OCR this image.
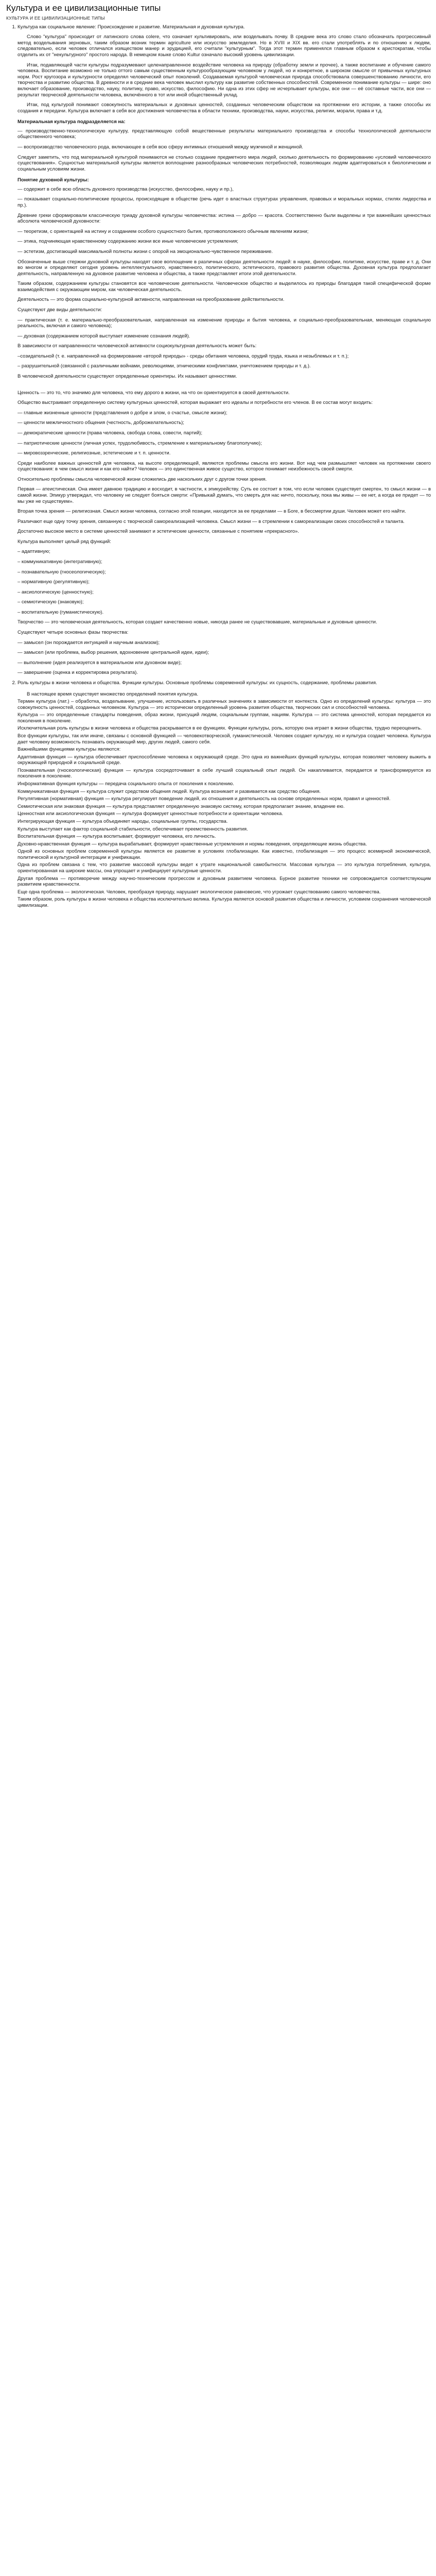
Культура и ее цивилизационные типы
КУЛЬТУРА И ЕЕ ЦИВИЛИЗАЦИОННЫЕ ТИПЫ
1. Культура как социальное явление: Происхождение и развитие. Материальная и духовная культура.

Слово "культура" происходит от латинского слова colere, что означает культивировать, или возделывать почву. В средние века это слово стало обозначать прогрессивный метод возделывания зерновых, таким образом возник термин agriculture или искусство земледелия. Но в XVIII и XIX вв. его стали употреблять и по отношению к людям, следовательно, если человек отличался изяществом манер и эрудицией, его считали "культурным". Тогда этот термин применялся главным образом к аристократам, чтобы отделить их от "некультурного" простого народа. В немецком языке слово Kultur означало высокий уровень цивилизации.

Итак, подавляющей части культуры подразумевают целенаправленное воздействие человека на природу (обработку земли и прочее), а также воспитание и обучение самого человека. Воспитание возможно не только оттого самым существенным культурообразующим человеком у людей, но и конкретное, в широком смысле от привычных культурных норм. Рост кругозора и культурности определял человеческий опыт поколений. Создаваемая культурой человеческая природа способствовала совершенствованию личности, его творчества и развитию общества. В древности и в средние века человек мыслил культуру как развитие собственных способностей. Современное понимание культуры — шире: оно включает образование, производство, науку, политику, право, искусство, философию. Ни одна из этих сфер не исчерпывает культуры, все они — её составные части, все они — результат творческой деятельности человека, включённого в тот или иной общественный уклад.

Итак, под культурой понимают совокупность материальных и духовных ценностей, созданных человеческим обществом на протяжении его истории, а также способы их создания и передачи. Культура включает в себя все достижения человечества в области техники, производства, науки, искусства, религии, морали, права и т.д.

Материальная культура подразделяется на:

— производственно-технологическую культуру, представляющую собой вещественные результаты материального производства и способы технологической деятельности общественного человека;

— воспроизводство человеческого рода, включающее в себя всю сферу интимных отношений между мужчиной и женщиной.

Следует заметить, что под материальной культурой понимаются не столько создание предметного мира людей, сколько деятельность по формированию «условий человеческого существования». Сущностью материальной культуры является воплощение разнообразных человеческих потребностей, позволяющих людям адаптироваться к биологическим и социальным условиям жизни.

Понятие духовной культуры:

— содержит в себе всю область духовного производства (искусство, философию, науку и пр.),

— показывает социально-политические процессы, происходящие в обществе (речь идет о властных структурах управления, правовых и моральных нормах, стилях лидерства и пр.).

Древние греки сформировали классическую триаду духовной культуры человечества: истина — добро — красота. Соответственно были выделены и три важнейших ценностных абсолюта человеческой духовности:

— теоретизм, с ориентацией на истину и созданием особого сущностного бытия, противоположного обычным явлениям жизни;

— этика, подчиняющая нравственному содержанию жизни все иные человеческие устремления;

— эстетизм, достигающий максимальной полноты жизни с опорой на эмоционально-чувственное переживание.

Обозначенные выше стержни духовной культуры находят свое воплощение в различных сферах деятельности людей: в науке, философии, политике, искусстве, праве и т. д. Они во многом и определяют сегодня уровень интеллектуального, нравственного, политического, эстетического, правового развития общества. Духовная культура предполагает деятельность, направленную на духовное развитие человека и общества, а также представляет итоги этой деятельности.

Таким образом, содержанием культуры становятся все человеческие деятельности. Человеческое общество и выделилось из природы благодаря такой специфической форме взаимодействия с окружающим миром, как человеческая деятельность.

Деятельность — это форма социально-культурной активности, направленная на преобразование действительности.

Существуют две виды деятельности:

— практическая (т. е. материально-преобразовательная, направленная на изменение природы и бытия человека, и социально-преобразовательная, меняющая социальную реальность, включая и самого человека);

— духовная (содержанием которой выступает изменение сознания людей).

В зависимости от направленности человеческой активности социокультурная деятельность может быть:

–созидательной (т. е. направленной на формирование «второй природы» - среды обитания человека, орудий труда, языка и незыблемых и т. п.);

– разрушительной (связанной с различными войнами, революциями, этническими конфликтами, уничтожением природы и т. д.).

В человеческой деятельности существуют определенные ориентиры. Их называют ценностями.

Ценность — это то, что значимо для человека, что ему дорого в жизни, на что он ориентируется в своей деятельности.

Общество выстраивает определенную систему культурных ценностей, которая выражает его идеалы и потребности его членов. В ее состав могут входить:

— главные жизненные ценности (представления о добре и злом, о счастье, смысле жизни);

— ценности межличностного общения (честность, доброжелательность);

— демократические ценности (права человека, свобода слова, совести, партий);

— патриотические ценности (личная успех, трудолюбивость, стремление к материальному благополучию);

— мировоззренческие, религиозные, эстетические и т. п. ценности.

Среди наиболее важных ценностей для человека, на высоте определяющей, являются проблемы смысла его жизни. Вот над чем размышляет человек на протяжении своего существования: в чем смысл жизни и как его найти? Человек — это единственная живое существо, которое понимает неизбежность своей смерти.

Относительно проблемы смысла человеческой жизни сложились две наскольких друг с другом точки зрения.

Первая — атеистическая. Она имеет давнюю традицию и восходит, в частности, к эпикурейству. Суть ее состоит в том, что если человек существует смертен, то смысл жизни — в самой жизни. Эпикур утверждал, что человеку не следует бояться смерти: «Привыкай думать, что смерть для нас ничто, поскольку, пока мы живы — ее нет, а когда ее придет — то мы уже не существуем».

Вторая точка зрения — религиозная. Смысл жизни человека, согласно этой позиции, находится за ее пределами — в Боге, в бессмертии души. Человек может его найти.

Различают еще одну точку зрения, связанную с творческой самореализацией человека. Смысл жизни — в стремлении к самореализации своих способностей и таланта.

Достаточно высокое место в системе ценностей занимают и эстетические ценности, связанные с понятием «прекрасного».

Культура выполняет целый ряд функций:

– адаптивную;

– коммуникативную (интегративную);

– познавательную (гносеологическую);

– нормативную (регулятивную);

– аксиологическую (ценностную);

– семиотическую (знаковую);

– воспитательную (гуманистическую).

Творчество — это человеческая деятельность, которая создает качественно новые, никогда ранее не существовавшие, материальные и духовные ценности.

Существуют четыре основных фазы творчества:

— замысел (он порождается интуицией и научным анализом);

— замысел (или проблема, выбор решения, вдохновение центральной идеи, идеи);

— выполнение (идея реализуется в материальном или духовном виде);

— завершение (оценка и корректировка результата).

2. Роль культуры в жизни человека и общества. Функции культуры. Основные проблемы современной культуры: их сущность, содержание, проблемы развития.

В настоящее время существует множество определений понятия культура.

Термин культура (лат.) – обработка, возделывание, улучшение, использовать в различных значениях в зависимости от контекста. Одно из определений культуры: культура — это совокупность ценностей, созданных человеком. Культура — это исторически определенный уровень развития общества, творческих сил и способностей человека.

Культура — это определенные стандарты поведения, образ жизни, присущий людям, социальным группам, нациям. Культура — это система ценностей, которая передается из поколения в поколение.

Исключительная роль культуры в жизни человека и общества раскрывается в ее функциях. Функции культуры, роль, которую она играет в жизни общества, трудно переоценить.

Все функции культуры, так или иначе, связаны с основной функцией — человекотворческой, гуманистической. Человек создает культуру, но и культура создает человека. Культура дает человеку возможность познавать окружающий мир, других людей, самого себя.

Важнейшими функциями культуры являются:

Адаптивная функция — культура обеспечивает приспособление человека к окружающей среде. Это одна из важнейших функций культуры, которая позволяет человеку выжить в окружающей природной и социальной среде.

Познавательная (гносеологическая) функция — культура сосредоточивает в себе лучший социальный опыт людей. Он накапливается, передается и трансформируется из поколения в поколение.

Информативная функция культуры — передача социального опыта от поколения к поколению.

Коммуникативная функция — культура служит средством общения людей. Культура возникает и развивается как средство общения.

Регулятивная (нормативная) функция — культура регулирует поведение людей, их отношения и деятельность на основе определенных норм, правил и ценностей.

Семиотическая или знаковая функция — культура представляет определенную знаковую систему, которая предполагает знание, владение ею.

Ценностная или аксиологическая функция — культура формирует ценностные потребности и ориентации человека.

Интегрирующая функция — культура объединяет народы, социальные группы, государства.

Культура выступает как фактор социальной стабильности, обеспечивает преемственность развития.

Воспитательная функция — культура воспитывает, формирует человека, его личность.

Духовно-нравственная функция — культура вырабатывает, формирует нравственные устремления и нормы поведения, определяющие жизнь общества.

Одной из основных проблем современной культуры является ее развитие в условиях глобализации. Как известно, глобализация — это процесс всемирной экономической, политической и культурной интеграции и унификации.

Одна из проблем связана с тем, что развитие массовой культуры ведет к утрате национальной самобытности. Массовая культура — это культура потребления, культура, ориентированная на широкие массы, она упрощает и унифицирует культурные ценности.

Другая проблема — противоречие между научно-техническим прогрессом и духовным развитием человека. Бурное развитие техники не сопровождается соответствующим развитием нравственности.

Еще одна проблема — экологическая. Человек, преобразуя природу, нарушает экологическое равновесие, что угрожает существованию самого человечества.

Таким образом, роль культуры в жизни человека и общества исключительно велика. Культура является основой развития общества и личности, условием сохранения человеческой цивилизации.
